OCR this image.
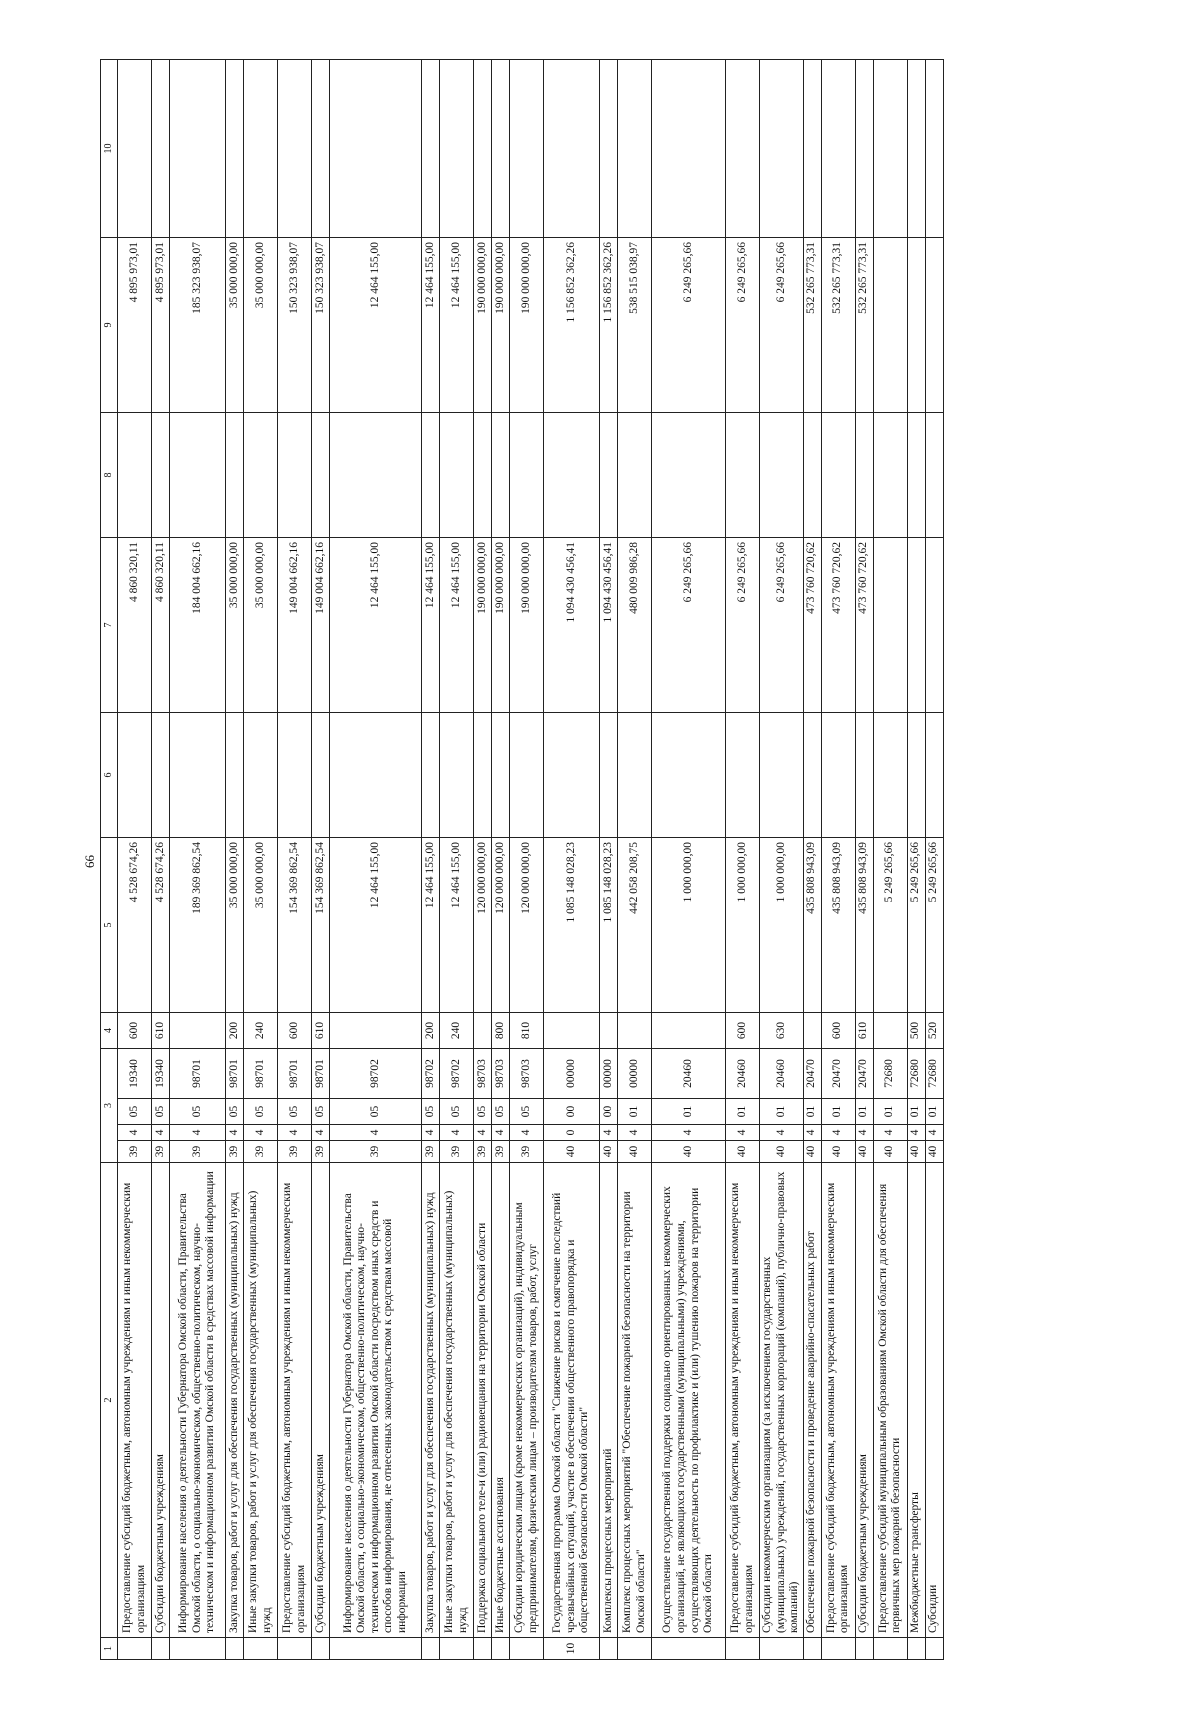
66
1	2	3				4	5	6	7	8	9	10
	Предоставление субсидий бюджетным, автономным учреждениям и иным некоммерческим организациям	39	4	05	19340	600	4 528 674,26		4 860 320,11		4 895 973,01	
	Субсидии бюджетным учреждениям	39	4	05	19340	610	4 528 674,26		4 860 320,11		4 895 973,01	
	Информирование населения о деятельности Губернатора Омской области, Правительства Омской области, о социально-экономическом, общественно-политическом, научно-техническом и информационном развитии Омской области в средствах массовой информации	39	4	05	98701		189 369 862,54		184 004 662,16		185 323 938,07	
	Закупка товаров, работ и услуг для обеспечения государственных (муниципальных) нужд	39	4	05	98701	200	35 000 000,00		35 000 000,00		35 000 000,00	
	Иные закупки товаров, работ и услуг для обеспечения государственных (муниципальных) нужд	39	4	05	98701	240	35 000 000,00		35 000 000,00		35 000 000,00	
	Предоставление субсидий бюджетным, автономным учреждениям и иным некоммерческим организациям	39	4	05	98701	600	154 369 862,54		149 004 662,16		150 323 938,07	
	Субсидии бюджетным учреждениям	39	4	05	98701	610	154 369 862,54		149 004 662,16		150 323 938,07	
	Информирование населения о деятельности Губернатора Омской области, Правительства Омской области, о социально-экономическом, общественно-политическом, научно-техническом и информационном развитии Омской области посредством иных средств и способов информирования, не отнесенных законодательством к средствам массовой информации	39	4	05	98702		12 464 155,00		12 464 155,00		12 464 155,00	
	Закупка товаров, работ и услуг для обеспечения государственных (муниципальных) нужд	39	4	05	98702	200	12 464 155,00		12 464 155,00		12 464 155,00	
	Иные закупки товаров, работ и услуг для обеспечения государственных (муниципальных) нужд	39	4	05	98702	240	12 464 155,00		12 464 155,00		12 464 155,00	
	Поддержка социального теле-и (или) радиовещания на территории Омской области	39	4	05	98703		120 000 000,00		190 000 000,00		190 000 000,00	
	Иные бюджетные ассигнования	39	4	05	98703	800	120 000 000,00		190 000 000,00		190 000 000,00	
	Субсидии юридическим лицам (кроме некоммерческих организаций), индивидуальным предпринимателям, физическим лицам – производителям товаров, работ, услуг	39	4	05	98703	810	120 000 000,00		190 000 000,00		190 000 000,00	
10	Государственная программа Омской области "Снижение рисков и смягчение последствий чрезвычайных ситуаций, участие в обеспечении общественного правопорядка и общественной безопасности Омской области"	40	0	00	00000		1 085 148 028,23		1 094 430 456,41		1 156 852 362,26	
	Комплексы процессных мероприятий	40	4	00	00000		1 085 148 028,23		1 094 430 456,41		1 156 852 362,26	
	Комплекс процессных мероприятий "Обеспечение пожарной безопасности на территории Омской области"	40	4	01	00000		442 058 208,75		480 009 986,28		538 515 038,97	
	Осуществление государственной поддержки социально ориентированных некоммерческих организаций, не являющихся государственными (муниципальными) учреждениями, осуществляющих деятельность по профилактике и (или) тушению пожаров на территории Омской области	40	4	01	20460		1 000 000,00		6 249 265,66		6 249 265,66	
	Предоставление субсидий бюджетным, автономным учреждениям и иным некоммерческим организациям	40	4	01	20460	600	1 000 000,00		6 249 265,66		6 249 265,66	
	Субсидии некоммерческим организациям (за исключением государственных (муниципальных) учреждений, государственных корпораций (компаний), публично-правовых компаний)	40	4	01	20460	630	1 000 000,00		6 249 265,66		6 249 265,66	
	Обеспечение пожарной безопасности и проведение аварийно-спасательных работ	40	4	01	20470		435 808 943,09		473 760 720,62		532 265 773,31	
	Предоставление субсидий бюджетным, автономным учреждениям и иным некоммерческим организациям	40	4	01	20470	600	435 808 943,09		473 760 720,62		532 265 773,31	
	Субсидии бюджетным учреждениям	40	4	01	20470	610	435 808 943,09		473 760 720,62		532 265 773,31	
	Предоставление субсидий муниципальным образованиям Омской области для обеспечения первичных мер пожарной безопасности	40	4	01	72680		5 249 265,66					
	Межбюджетные трансферты	40	4	01	72680	500	5 249 265,66					
	Субсидии	40	4	01	72680	520	5 249 265,66					
